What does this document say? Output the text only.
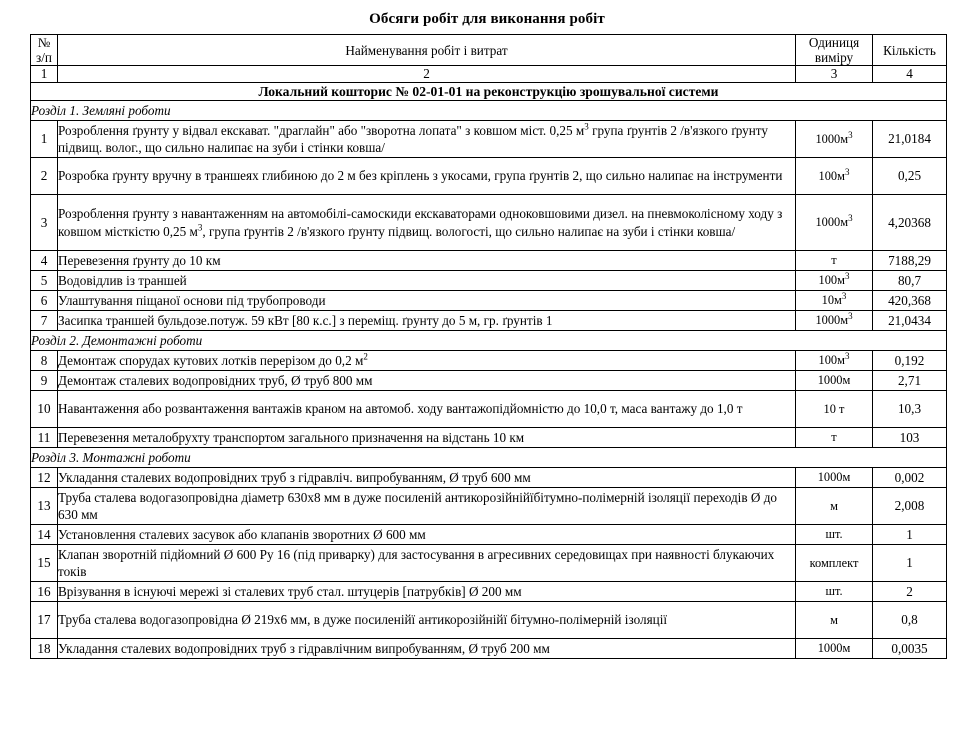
Обсяги робіт для виконання робіт
№
з/п	Найменування робіт і витрат	Одиниця
виміру	Кількість
1	2	3	4
Локальний кошторис № 02-01-01 на реконструкцію зрошувальної системи			
Розділ 1. Земляні роботи			
1	Розроблення ґрунту у відвал екскават. "драглайн" або "зворотна лопата" з ковшом міст. 0,25 $м^3$ група ґрунтів 2 /в'язкого ґрунту підвищ. волог., що сильно налипає на зуби і стінки ковша/	$1000м^3$	21,0184
2	Розробка ґрунту вручну в траншеях глибиною до 2 м без кріплень з укосами, група ґрунтів 2, що сильно налипає на інструменти	$100м^3$	0,25
3	Розроблення ґрунту з навантаженням на автомобілі-самоскиди екскаваторами одноковшовими дизел. на пневмоколісному ходу з ковшом місткістю 0,25 $м^3$, група ґрунтів 2 /в'язкого ґрунту підвищ. вологості, що сильно налипає на зуби і стінки ковша/	$1000м^3$	4,20368
4	Перевезення ґрунту до 10 км	т	7188,29
5	Водовідлив із траншей	$100м^3$	80,7
6	Улаштування піщаної основи під трубопроводи	$10м^3$	420,368
7	Засипка траншей бульдозе.потуж. 59 кВт [80 к.с.] з переміщ. ґрунту до 5 м, гр. ґрунтів 1	$1000м^3$	21,0434
Розділ 2. Демонтажні роботи			
8	Демонтаж спорудах кутових лотків перерізом до 0,2 $м^2$	$100м^3$	0,192
9	Демонтаж сталевих водопровідних труб, Ø труб 800 мм	1000м	2,71
10	Навантаження або розвантаження вантажів краном на автомоб. ходу вантажопідйомністю до 10,0 т, маса вантажу до 1,0 т	10 т	10,3
11	Перевезення металобрухту транспортом загального призначення на відстань 10 км	т	103
Розділ 3. Монтажні роботи			
12	Укладання сталевих водопровідних труб з гідравліч. випробуванням, Ø труб 600 мм	1000м	0,002
13	Труба сталева водогазопровідна діаметр 630х8 мм в дуже посиленій антикорозійнійїбітумно-полімерній ізоляції переходів Ø до 630 мм	м	2,008
14	Установлення сталевих засувок або клапанів зворотних Ø 600 мм	шт.	1
15	Клапан зворотній підйомний Ø 600 Ру 16 (під приварку) для застосування в агресивних середовищах при наявності блукаючих токів	комплект	1
16	Врізування в існуючі мережі зі сталевих труб стал. штуцерів [патрубків] Ø 200 мм	шт.	2
17	Труба сталева водогазопровідна Ø 219х6 мм, в дуже посиленійї антикорозійнійї бітумно-полімерній ізоляції	м	0,8
18	Укладання сталевих водопровідних труб з гідравлічним випробуванням, Ø труб 200 мм	1000м	0,0035
